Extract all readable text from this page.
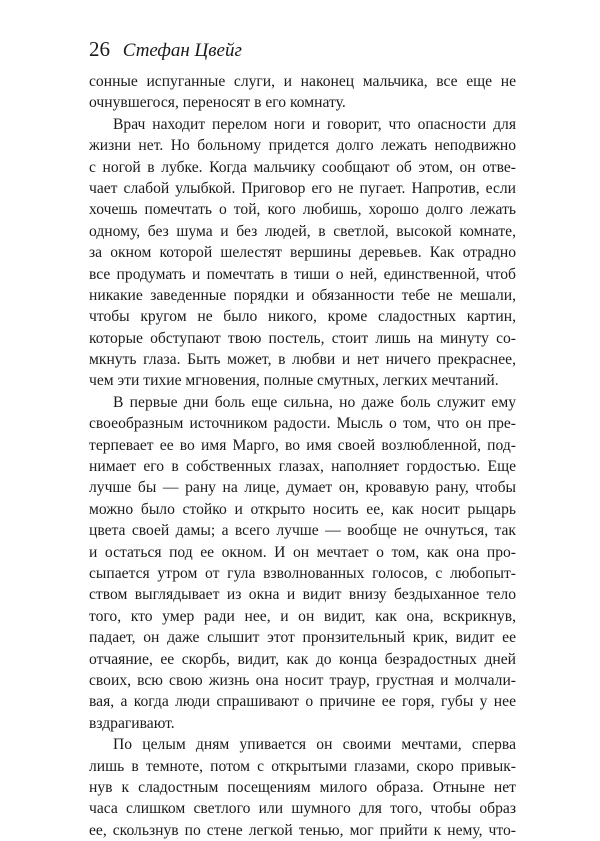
26 Стефан Цвейг
сонные испуганные слуги, и наконец мальчика, все еще не
очнувшегося, переносят в его комнату.
Врач находит перелом ноги и говорит, что опасности для
жизни нет. Но больному придется долго лежать неподвижно
с ногой в лубке. Когда мальчику сообщают об этом, он отве-
чает слабой улыбкой. Приговор его не пугает. Напротив, если
хочешь помечтать о той, кого любишь, хорошо долго лежать
одному, без шума и без людей, в светлой, высокой комнате,
за окном которой шелестят вершины деревьев. Как отрадно
все продумать и помечтать в тиши о ней, единственной, чтоб
никакие заведенные порядки и обязанности тебе не мешали,
чтобы кругом не было никого, кроме сладостных картин,
которые обступают твою постель, стоит лишь на минуту со-
мкнуть глаза. Быть может, в любви и нет ничего прекраснее,
чем эти тихие мгновения, полные смутных, легких мечтаний.
В первые дни боль еще сильна, но даже боль служит ему
своеобразным источником радости. Мысль о том, что он пре-
терпевает ее во имя Марго, во имя своей возлюбленной, под-
нимает его в собственных глазах, наполняет гордостью. Еще
лучше бы — рану на лице, думает он, кровавую рану, чтобы
можно было стойко и открыто носить ее, как носит рыцарь
цвета своей дамы; а всего лучше — вообще не очнуться, так
и остаться под ее окном. И он мечтает о том, как она про-
сыпается утром от гула взволнованных голосов, с любопыт-
ством выглядывает из окна и видит внизу бездыханное тело
того, кто умер ради нее, и он видит, как она, вскрикнув,
падает, он даже слышит этот пронзительный крик, видит ее
отчаяние, ее скорбь, видит, как до конца безрадостных дней
своих, всю свою жизнь она носит траур, грустная и молчали-
вая, а когда люди спрашивают о причине ее горя, губы у нее
вздрагивают.
По целым дням упивается он своими мечтами, сперва
лишь в темноте, потом с открытыми глазами, скоро привык-
нув к сладостным посещениям милого образа. Отныне нет
часа слишком светлого или шумного для того, чтобы образ
ее, скользнув по стене легкой тенью, мог прийти к нему, что-
